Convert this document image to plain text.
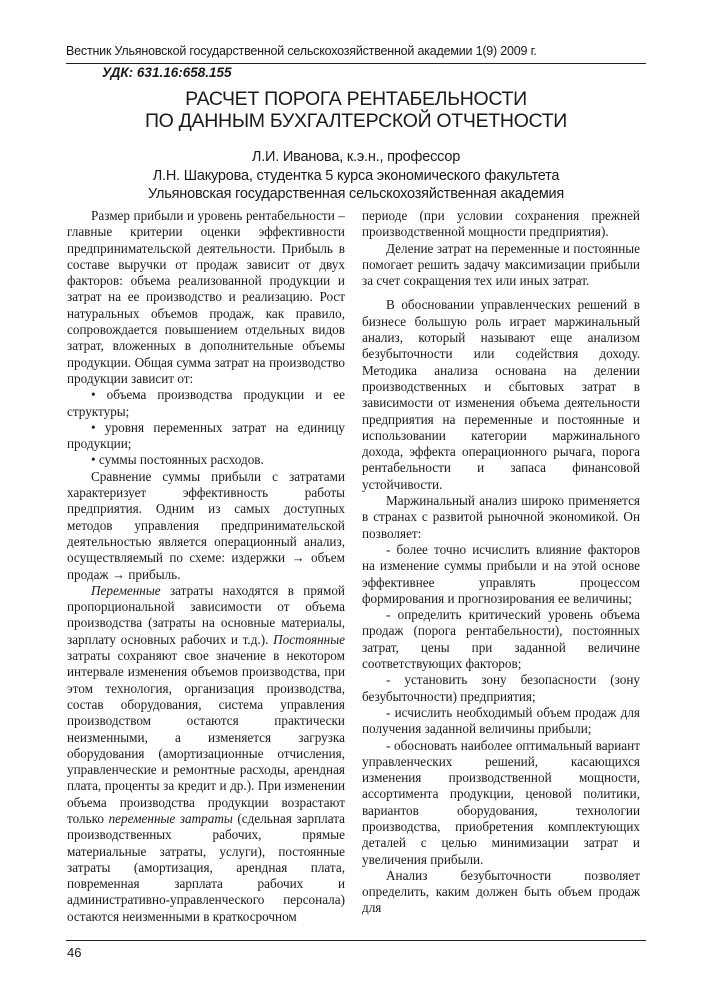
Вестник Ульяновской государственной сельскохозяйственной академии 1(9) 2009 г.
УДК: 631.16:658.155
РАСЧЕТ ПОРОГА РЕНТАБЕЛЬНОСТИ
ПО ДАННЫМ БУХГАЛТЕРСКОЙ ОТЧЕТНОСТИ
Л.И. Иванова, к.э.н., профессор
Л.Н. Шакурова, студентка 5 курса экономического факультета
Ульяновская государственная сельскохозяйственная академия

Размер прибыли и уровень рентабельности – главные критерии оценки эффективности предпринимательской деятельности. Прибыль в составе выручки от продаж зависит от двух факторов: объема реализованной продукции и затрат на ее производство и реализацию. Рост натуральных объемов продаж, как правило, сопровождается повышением отдельных видов затрат, вложенных в дополнительные объемы продукции. Общая сумма затрат на производство продукции зависит от:

• объема производства продукции и ее структуры;

• уровня переменных затрат на единицу продукции;

• суммы постоянных расходов.

Сравнение суммы прибыли с затратами характеризует эффективность работы предприятия. Одним из самых доступных методов управления предпринимательской деятельностью является операционный анализ, осуществляемый по схеме: издержки → объем продаж → прибыль.

Переменные затраты находятся в прямой пропорциональной зависимости от объема производства (затраты на основные материалы, зарплату основных рабочих и т.д.). Постоянные затраты сохраняют свое значение в некотором интервале изменения объемов производства, при этом технология, организация производства, состав оборудования, система управления производством остаются практически неизменными, а изменяется загрузка оборудования (амортизационные отчисления, управленческие и ремонтные расходы, арендная плата, проценты за кредит и др.). При изменении объема производства продукции возрастают только переменные затраты (сдельная зарплата производственных рабочих, прямые материальные затраты, услуги), постоянные затраты (амортизация, арендная плата, повременная зарплата рабочих и административно-управленческого персонала) остаются неизменными в краткосрочном

периоде (при условии сохранения прежней производственной мощности предприятия).

Деление затрат на переменные и постоянные помогает решить задачу максимизации прибыли за счет сокращения тех или иных затрат.

В обосновании управленческих решений в бизнесе большую роль играет маржинальный анализ, который называют еще анализом безубыточности или содействия доходу. Методика анализа основана на делении производственных и сбытовых затрат в зависимости от изменения объема деятельности предприятия на переменные и постоянные и использовании категории маржинального дохода, эффекта операционного рычага, порога рентабельности и запаса финансовой устойчивости.

Маржинальный анализ широко применяется в странах с развитой рыночной экономикой. Он позволяет:

- более точно исчислить влияние факторов на изменение суммы прибыли и на этой основе эффективнее управлять процессом формирования и прогнозирования ее величины;

- определить критический уровень объема продаж (порога рентабельности), постоянных затрат, цены при заданной величине соответствующих факторов;

- установить зону безопасности (зону безубыточности) предприятия;

- исчислить необходимый объем продаж для получения заданной величины прибыли;

- обосновать наиболее оптимальный вариант управленческих решений, касающихся изменения производственной мощности, ассортимента продукции, ценовой политики, вариантов оборудования, технологии производства, приобретения комплектующих деталей с целью минимизации затрат и увеличения прибыли.

Анализ безубыточности позволяет определить, каким должен быть объем продаж для

46
